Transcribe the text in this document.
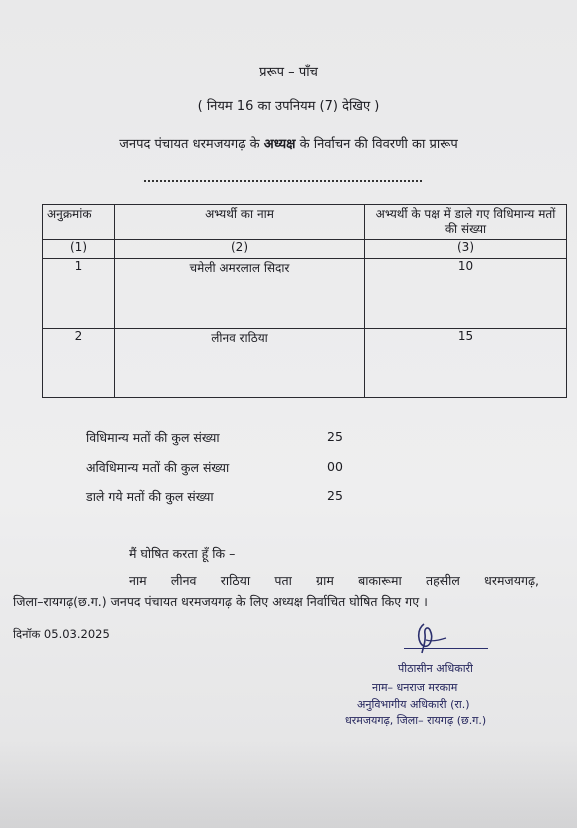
प्ररूप – पाँच
( नियम 16 का उपनियम (7) देखिए )
जनपद पंचायत धरमजयगढ़ के अध्यक्ष के निर्वाचन की विवरणी का प्रारूप
अनुक्रमांक	अभ्यर्थी का नाम	अभ्यर्थी के पक्ष में डाले गए विधिमान्य मतों की संख्या

(1)	(2)	(3)
1	चमेली अमरलाल सिदार	10
2	लीनव राठिया	15
विधिमान्य मतों की कुल संख्या	25
अविधिमान्य मतों की कुल संख्या	00
डाले गये मतों की कुल संख्या	25
मैं घोषित करता हूँ कि –
नाम लीनव राठिया पता ग्राम बाकारूमा तहसील धरमजयगढ़,
जिला–रायगढ़(छ.ग.) जनपद पंचायत धरमजयगढ़ के लिए अध्यक्ष निर्वाचित घोषित किए गए ।
दिनॉक 05.03.2025
पीठासीन अधिकारी
नाम– धनराज मरकाम
अनुविभागीय अधिकारी (रा.)
धरमजयगढ़, जिला– रायगढ़ (छ.ग.)
